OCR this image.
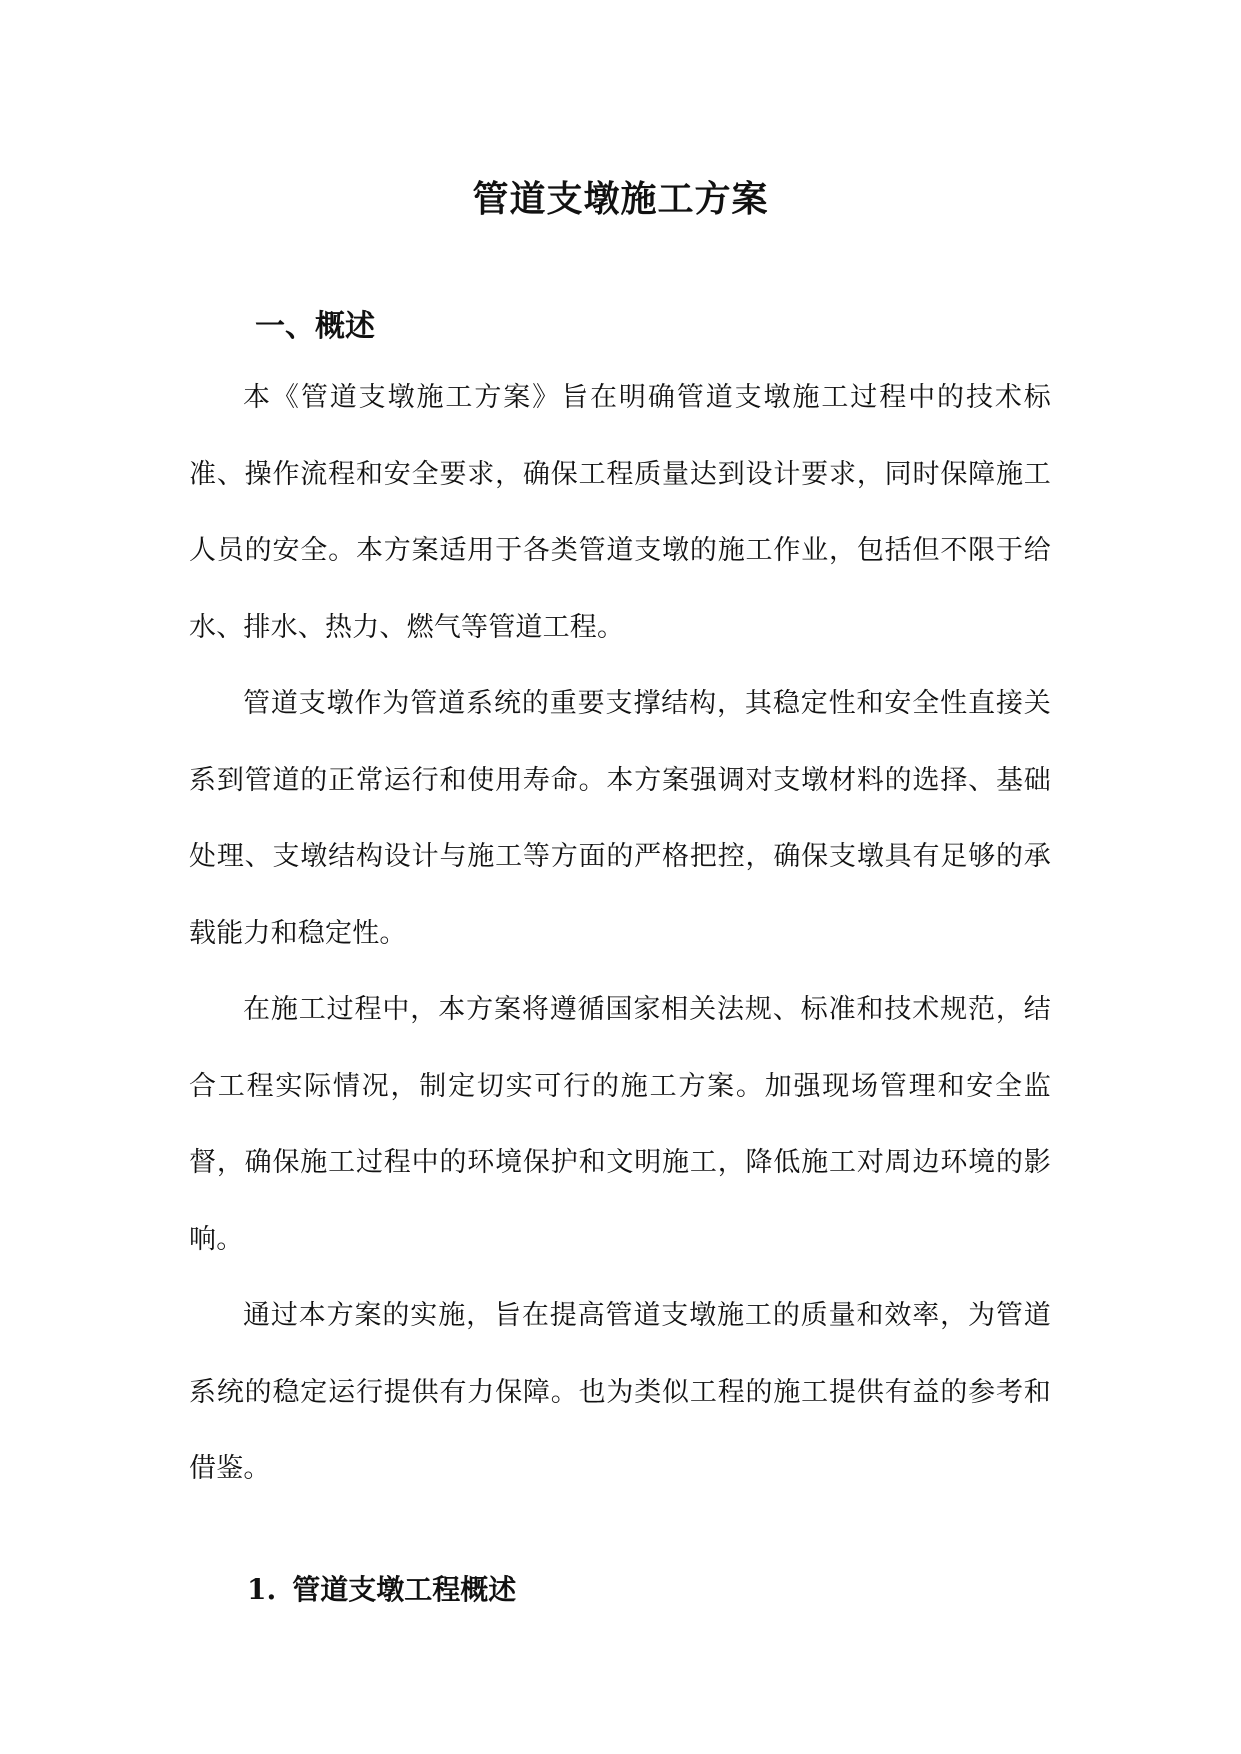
管道支墩施工方案
一、概述

本《管道支墩施工方案》旨在明确管道支墩施工过程中的技术标准、操作流程和安全要求，确保工程质量达到设计要求，同时保障施工人员的安全。本方案适用于各类管道支墩的施工作业，包括但不限于给水、排水、热力、燃气等管道工程。

管道支墩作为管道系统的重要支撑结构，其稳定性和安全性直接关系到管道的正常运行和使用寿命。本方案强调对支墩材料的选择、基础处理、支墩结构设计与施工等方面的严格把控，确保支墩具有足够的承载能力和稳定性。

在施工过程中，本方案将遵循国家相关法规、标准和技术规范，结合工程实际情况，制定切实可行的施工方案。加强现场管理和安全监督，确保施工过程中的环境保护和文明施工，降低施工对周边环境的影响。

通过本方案的实施，旨在提高管道支墩施工的质量和效率，为管道系统的稳定运行提供有力保障。也为类似工程的施工提供有益的参考和借鉴。

1. 管道支墩工程概述
